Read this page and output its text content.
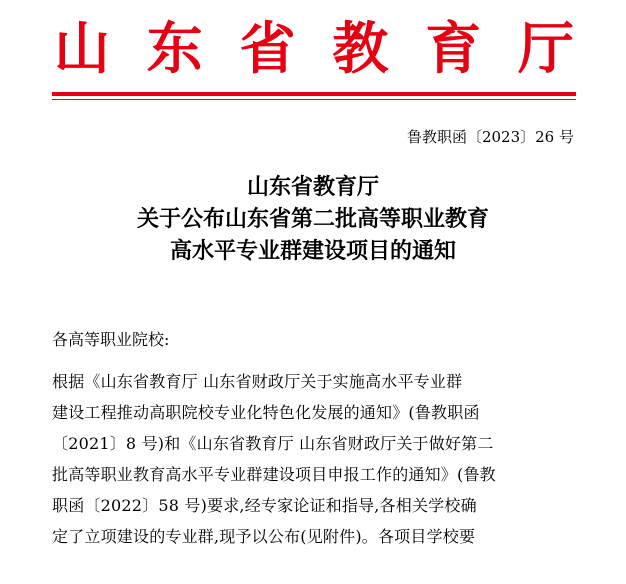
山 东 省 教 育 厅
鲁教职函〔2023〕26 号
山东省教育厅
关于公布山东省第二批高等职业教育
高水平专业群建设项目的通知
各高等职业院校:
根据《山东省教育厅 山东省财政厅关于实施高水平专业群
建设工程推动高职院校专业化特色化发展的通知》(鲁教职函
〔2021〕8 号)和《山东省教育厅 山东省财政厅关于做好第二
批高等职业教育高水平专业群建设项目申报工作的通知》(鲁教
职函〔2022〕58 号)要求,经专家论证和指导,各相关学校确
定了立项建设的专业群,现予以公布(见附件)。各项目学校要
